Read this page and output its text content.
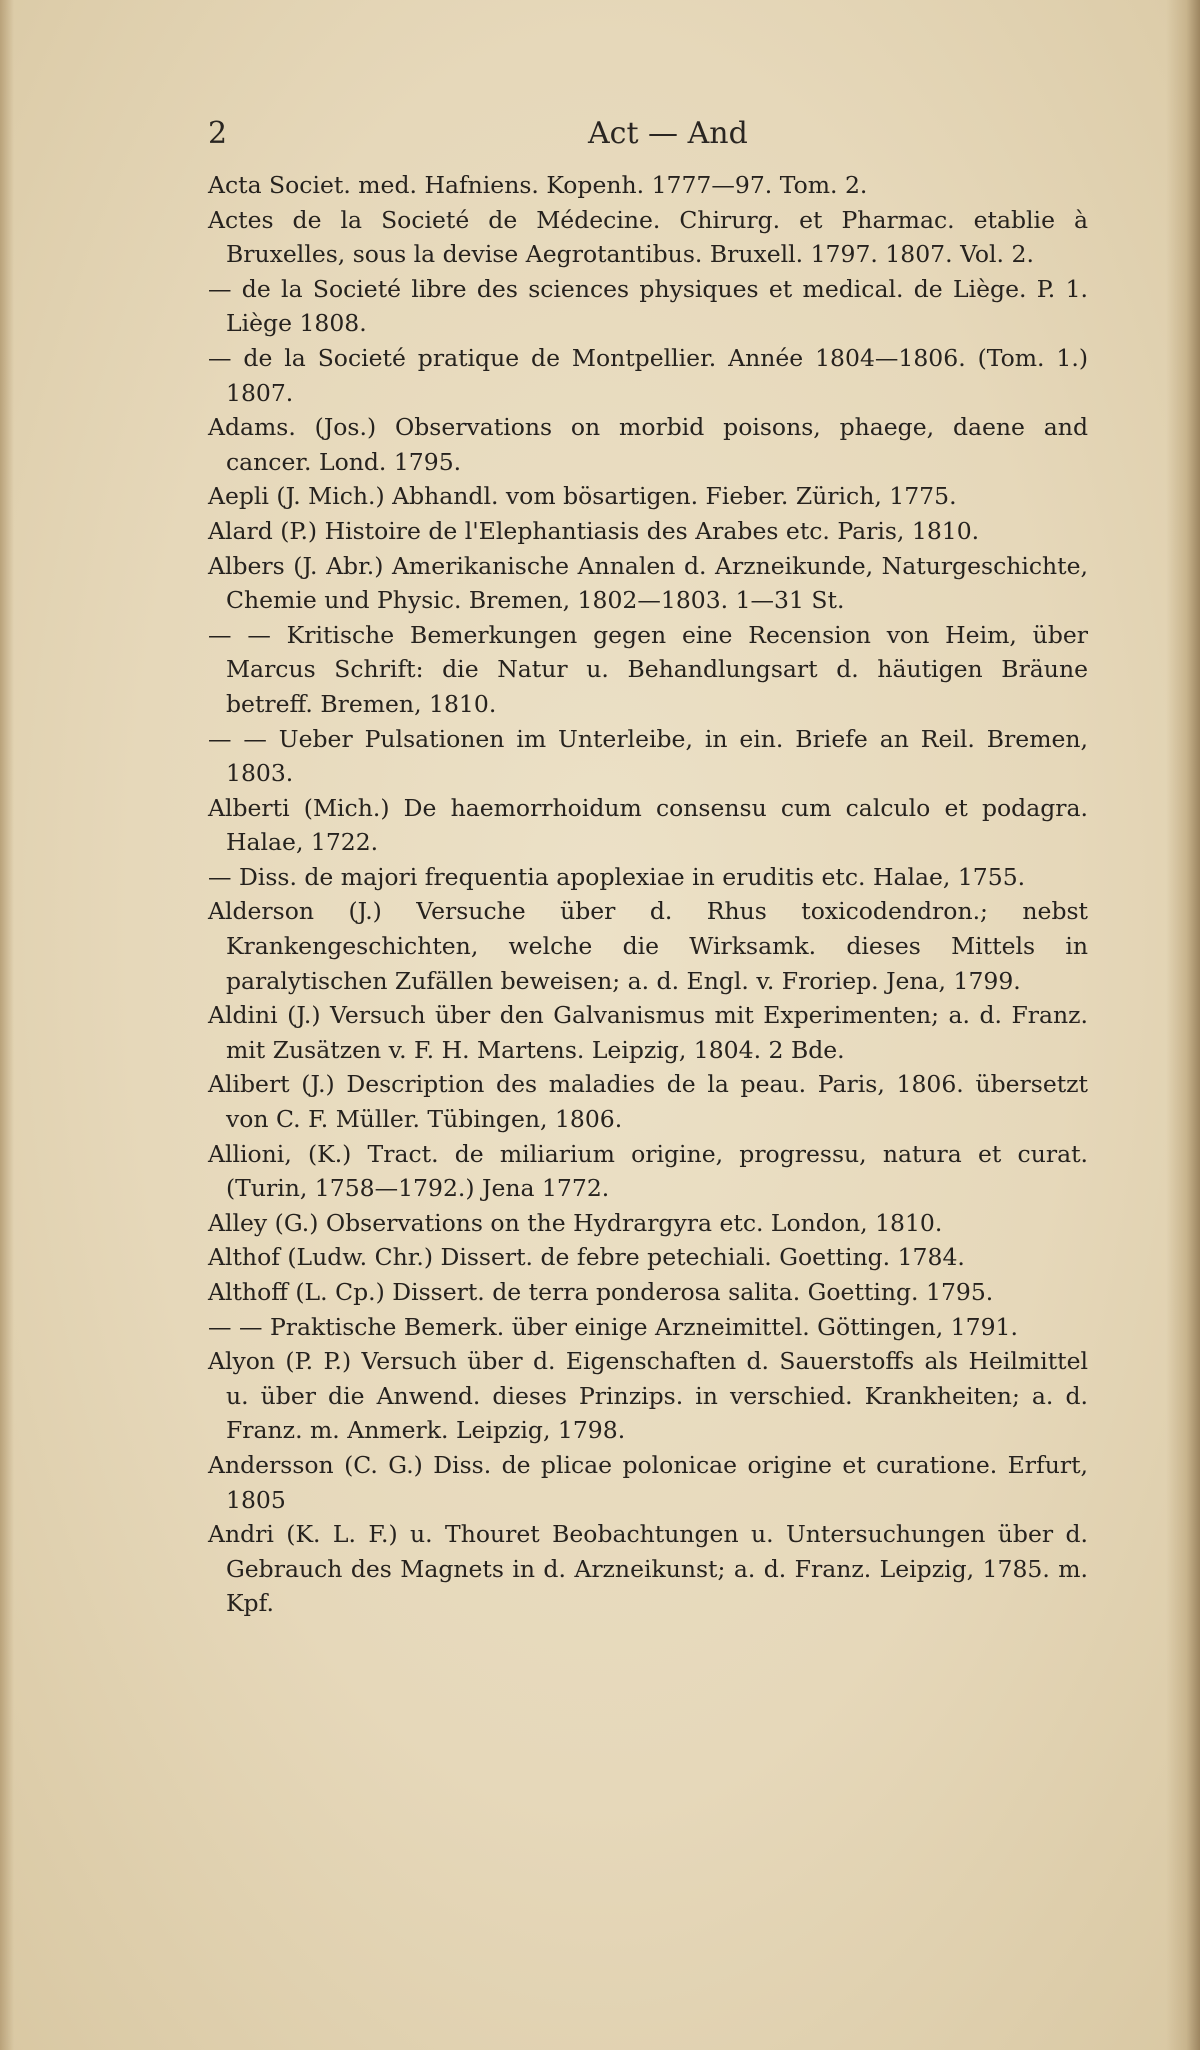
2	Act — And

Acta Societ. med. Hafniens. Kopenh. 1777—97. Tom. 2.

Actes de la Societé de Médecine. Chirurg. et Pharmac. etablie à Bruxelles, sous la devise Aegrotantibus. Bruxell. 1797. 1807. Vol. 2.

— de la Societé libre des sciences physiques et medical. de Liège. P. 1. Liège 1808.

— de la Societé pratique de Montpellier. Année 1804—1806. (Tom. 1.) 1807.

Adams. (Jos.) Observations on morbid poisons, phaege, daene and cancer. Lond. 1795.

Aepli (J. Mich.) Abhandl. vom bösartigen. Fieber. Zürich, 1775.

Alard (P.) Histoire de l'Elephantiasis des Arabes etc. Paris, 1810.

Albers (J. Abr.) Amerikanische Annalen d. Arzneikunde, Naturgeschichte, Chemie und Physic. Bremen, 1802—1803. 1—31 St.

— — Kritische Bemerkungen gegen eine Recension von Heim, über Marcus Schrift: die Natur u. Behandlungsart d. häutigen Bräune betreff. Bremen, 1810.

— — Ueber Pulsationen im Unterleibe, in ein. Briefe an Reil. Bremen, 1803.

Alberti (Mich.) De haemorrhoidum consensu cum calculo et podagra. Halae, 1722.

— Diss. de majori frequentia apoplexiae in eruditis etc. Halae, 1755.

Alderson (J.) Versuche über d. Rhus toxicodendron.; nebst Krankengeschichten, welche die Wirksamk. dieses Mittels in paralytischen Zufällen beweisen; a. d. Engl. v. Froriep. Jena, 1799.

Aldini (J.) Versuch über den Galvanismus mit Experimenten; a. d. Franz. mit Zusätzen v. F. H. Martens. Leipzig, 1804. 2 Bde.

Alibert (J.) Description des maladies de la peau. Paris, 1806. übersetzt von C. F. Müller. Tübingen, 1806.

Allioni, (K.) Tract. de miliarium origine, progressu, natura et curat. (Turin, 1758—1792.) Jena 1772.

Alley (G.) Observations on the Hydrargyra etc. London, 1810.

Althof (Ludw. Chr.) Dissert. de febre petechiali. Goetting. 1784.

Althoff (L. Cp.) Dissert. de terra ponderosa salita. Goetting. 1795.

— — Praktische Bemerk. über einige Arzneimittel. Göttingen, 1791.

Alyon (P. P.) Versuch über d. Eigenschaften d. Sauerstoffs als Heilmittel u. über die Anwend. dieses Prinzips. in verschied. Krankheiten; a. d. Franz. m. Anmerk. Leipzig, 1798.

Andersson (C. G.) Diss. de plicae polonicae origine et curatione. Erfurt, 1805

Andri (K. L. F.) u. Thouret Beobachtungen u. Untersuchungen über d. Gebrauch des Magnets in d. Arzneikunst; a. d. Franz. Leipzig, 1785. m. Kpf.
